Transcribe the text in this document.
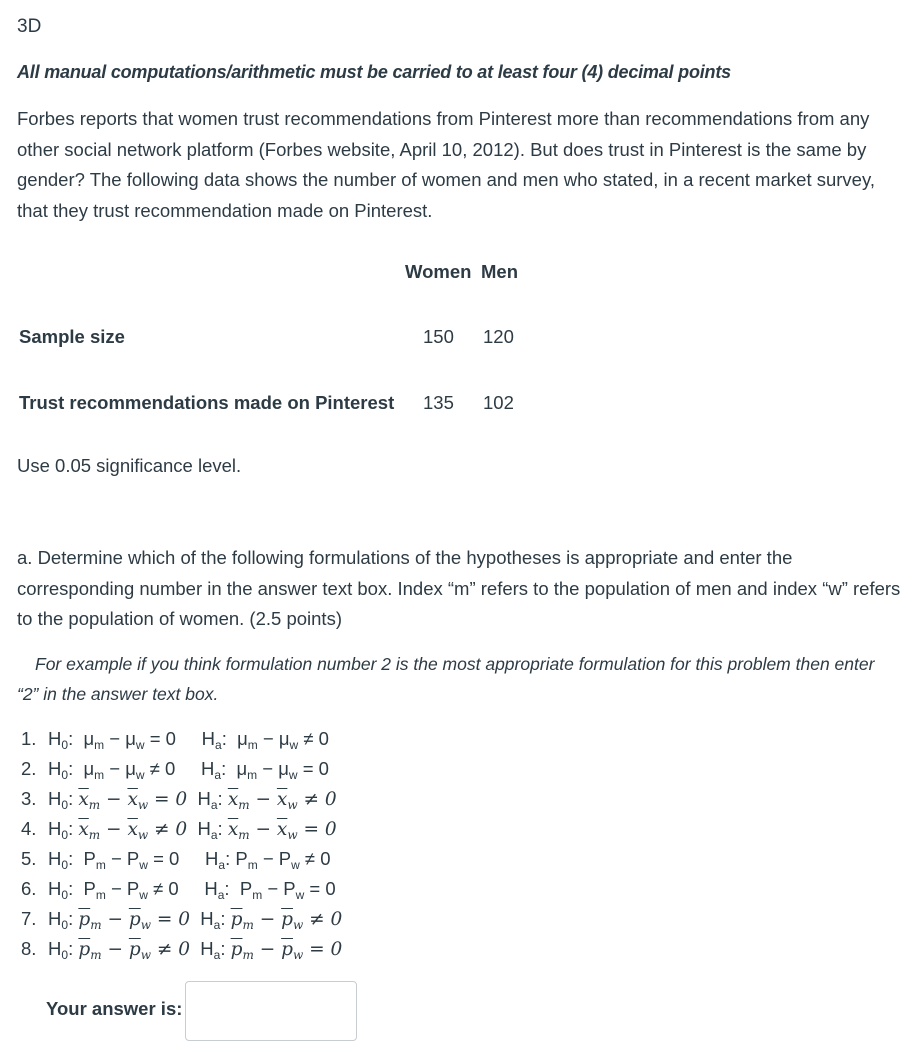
3D
All manual computations/arithmetic must be carried to at least four (4) decimal points
Forbes reports that women trust recommendations from Pinterest more than recommendations from any other social network platform (Forbes website, April 10, 2012). But does trust in Pinterest is the same by gender? The following data shows the number of women and men who stated, in a recent market survey, that they trust recommendation made on Pinterest.
Women Men
Sample size	150 120
Trust recommendations made on Pinterest 135 102
Use 0.05 significance level.
a. Determine which of the following formulations of the hypotheses is appropriate and enter the corresponding number in the answer text box. Index “m” refers to the population of men and index “w” refers to the population of women. (2.5 points)
For example if you think formulation number 2 is the most appropriate formulation for this problem then enter “2” in the answer text box.
1. $H_0$:  $\mu_m - \mu_w = 0$     $H_a$:  $\mu_m - \mu_w \ne 0$
2. $H_0$:  $\mu_m - \mu_w \ne 0$     $H_a$:  $\mu_m - \mu_w = 0$
3. $H_0$: $\overline{x}_m - \overline{x}_w = 0$  $H_a$: $\overline{x}_m - \overline{x}_w \ne 0$
4. $H_0$: $\overline{x}_m - \overline{x}_w \ne 0$  $H_a$: $\overline{x}_m - \overline{x}_w = 0$
5. $H_0$:  $P_m - P_w = 0$     $H_a$: $P_m - P_w \ne 0$
6. $H_0$:  $P_m - P_w \ne 0$     $H_a$:  $P_m - P_w = 0$
7. $H_0$: $\overline{p}_m - \overline{p}_w = 0$  $H_a$: $\overline{p}_m - \overline{p}_w \ne 0$
8. $H_0$: $\overline{p}_m - \overline{p}_w \ne 0$  $H_a$: $\overline{p}_m - \overline{p}_w = 0$
Your answer is:
